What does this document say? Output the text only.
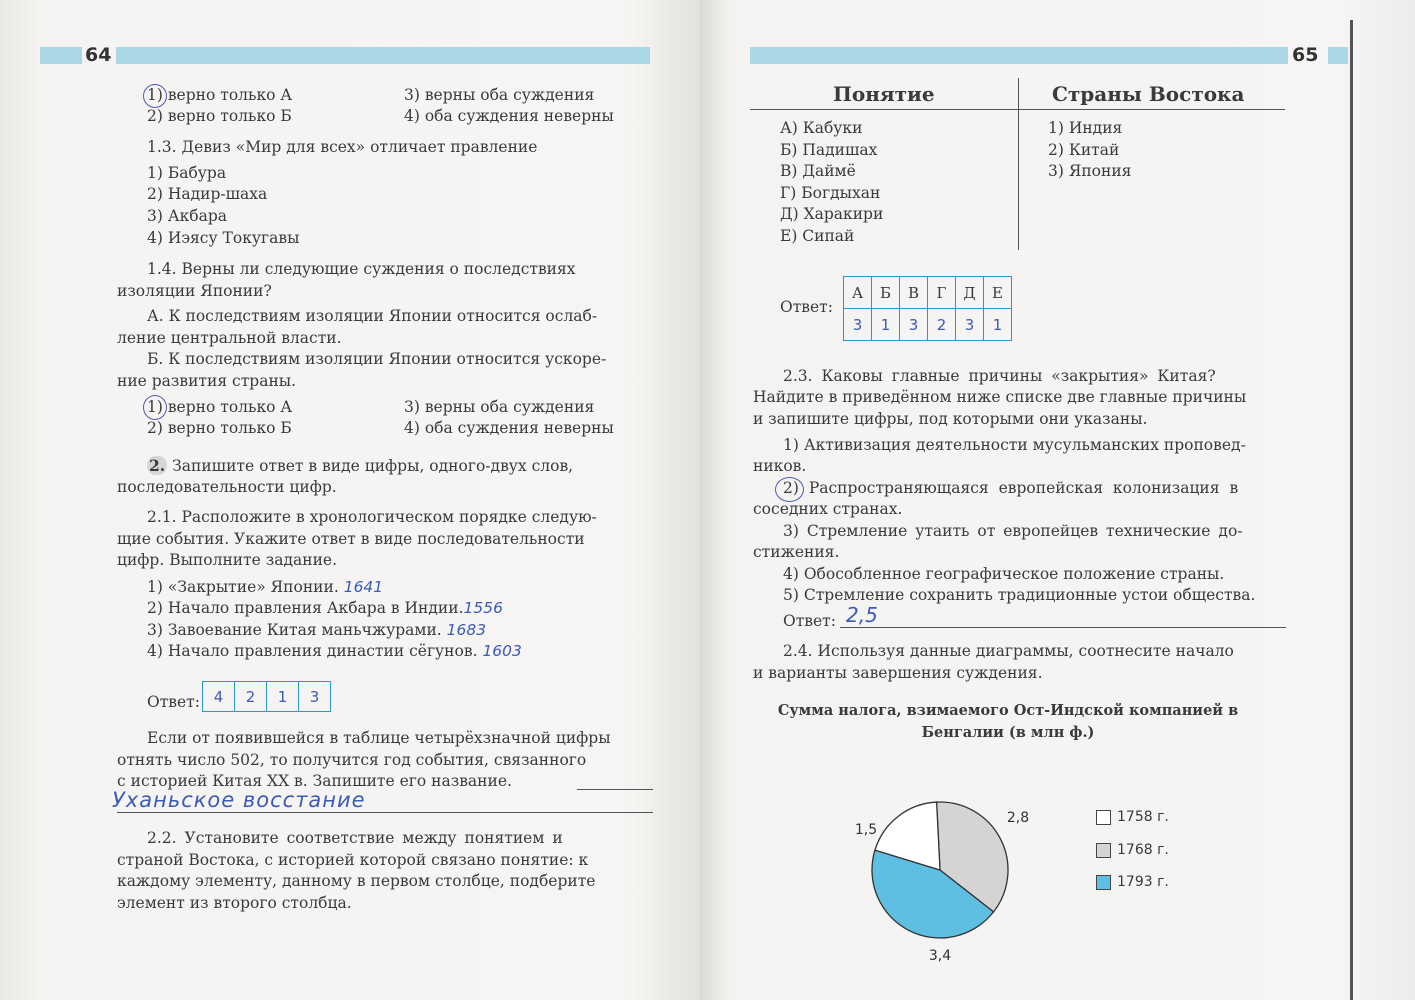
64
1) верно только А
2) верно только Б
3) верны оба суждения
4) оба суждения неверны
1.3. Девиз «Мир для всех» отличает правление
1) Бабура
2) Надир-шаха
3) Акбара
4) Иэясу Токугавы
1.4. Верны ли следующие суждения о последствиях
изоляции Японии?
А. К последствиям изоляции Японии относится ослаб-
ление центральной власти.
Б. К последствиям изоляции Японии относится ускоре-
ние развития страны.
1) верно только А
2) верно только Б
3) верны оба суждения
4) оба суждения неверны
2. Запишите ответ в виде цифры, одного-двух слов,
последовательности цифр.
2.1. Расположите в хронологическом порядке следую-
щие события. Укажите ответ в виде последовательности
цифр. Выполните задание.
1) «Закрытие» Японии. 1641
2) Начало правления Акбара в Индии.1556
3) Завоевание Китая маньчжурами. 1683
4) Начало правления династии сёгунов. 1603
Ответ: 4	2	1	3
Если от появившейся в таблице четырёхзначной цифры
отнять число 502, то получится год события, связанного
с историей Китая XX в. Запишите его название.
Уханьское восстание
2.2. Установите соответствие между понятием и
страной Востока, с историей которой связано понятие: к
каждому элементу, данному в первом столбце, подберите
элемент из второго столбца.
65
Понятие	Страны Востока
А) Кабуки
Б) Падишах
В) Даймё
Г) Богдыхан
Д) Харакири
Е) Сипай
1) Индия
2) Китай
3) Япония
Ответ:
А	Б	В	Г	Д	Е
3	1	3	2	3	1
2.3. Каковы главные причины «закрытия» Китая?
Найдите в приведённом ниже списке две главные причины
и запишите цифры, под которыми они указаны.
1) Активизация деятельности мусульманских проповед-
ников.
2) Распространяющаяся европейская колонизация в
соседних странах.
3) Стремление утаить от европейцев технические до-
стижения.
4) Обособленное географическое положение страны.
5) Стремление сохранить традиционные устои общества.
Ответ: 2,5
2.4. Используя данные диаграммы, соотнесите начало
и варианты завершения суждения.
Сумма налога, взимаемого Ост-Индской компанией в Бенгалии (в млн ф.)
1,5
2,8
3,4
1758 г.
1768 г.
1793 г.
